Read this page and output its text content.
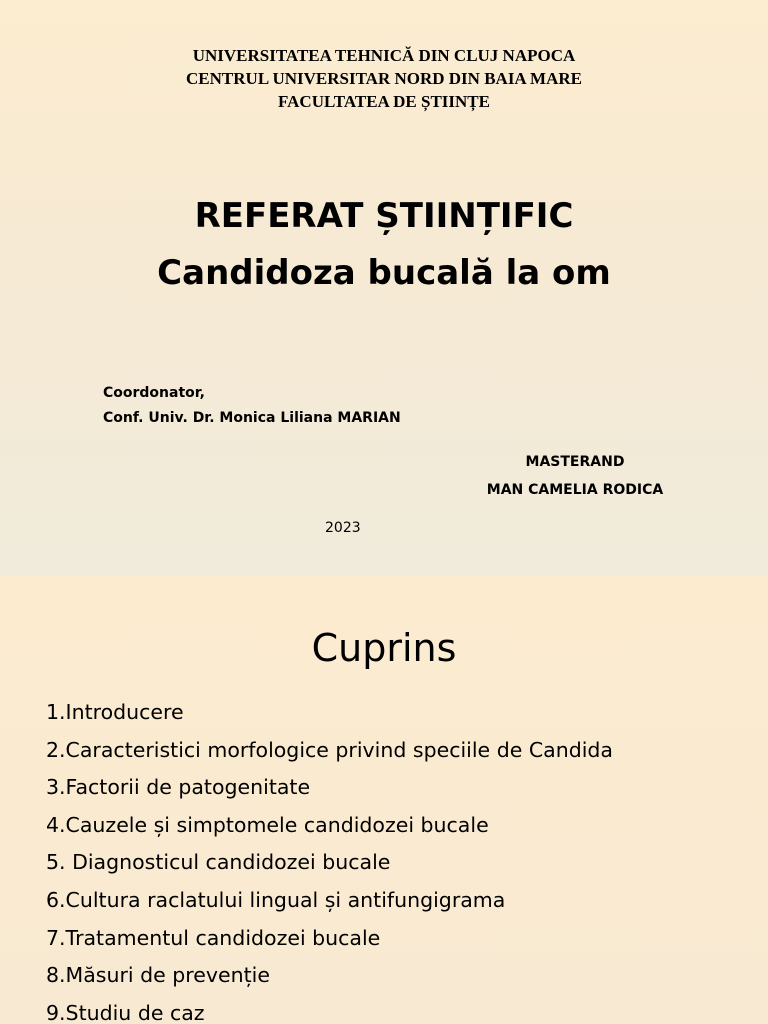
UNIVERSITATEA TEHNICĂ DIN CLUJ NAPOCA

CENTRUL UNIVERSITAR NORD DIN BAIA MARE

FACULTATEA DE ȘTIINȚE

REFERAT ȘTIINȚIFIC

Candidoza bucală la om

Coordonator,

Conf. Univ. Dr. Monica Liliana MARIAN

MASTERAND

MAN CAMELIA RODICA

2023

Cuprins

1.Introducere
2.Caracteristici morfologice privind speciile de Candida
3.Factorii de patogenitate
4.Cauzele și simptomele candidozei bucale
5. Diagnosticul candidozei bucale
6.Cultura raclatului lingual și antifungigrama
7.Tratamentul candidozei bucale
8.Măsuri de prevenție
9.Studiu de caz
